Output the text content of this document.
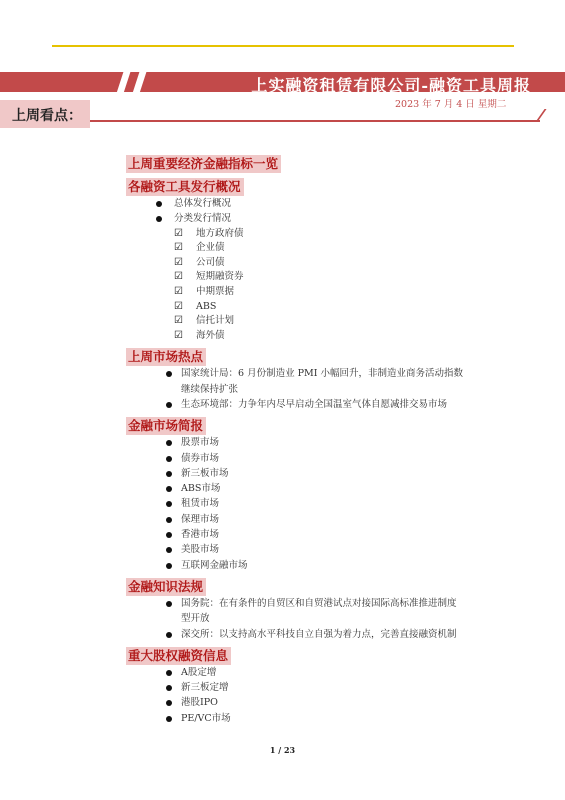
上实融资租赁有限公司-融资工具周报
2023 年 7 月 4 日 星期二
上周看点：
上周重要经济金融指标一览
各融资工具发行概况
总体发行概况
分类发行情况
☑ 地方政府债
☑ 企业债
☑ 公司债
☑ 短期融资券
☑ 中期票据
☑ ABS
☑ 信托计划
☑ 海外债
上周市场热点
国家统计局：6 月份制造业 PMI 小幅回升，非制造业商务活动指数
继续保持扩张
生态环境部：力争年内尽早启动全国温室气体自愿减排交易市场
金融市场简报
股票市场
债券市场
新三板市场
ABS市场
租赁市场
保理市场
香港市场
美股市场
互联网金融市场
金融知识法规
国务院：在有条件的自贸区和自贸港试点对接国际高标准推进制度
型开放
深交所：以支持高水平科技自立自强为着力点，完善直接融资机制
重大股权融资信息
A股定增
新三板定增
港股IPO
PE/VC市场
1 / 23
